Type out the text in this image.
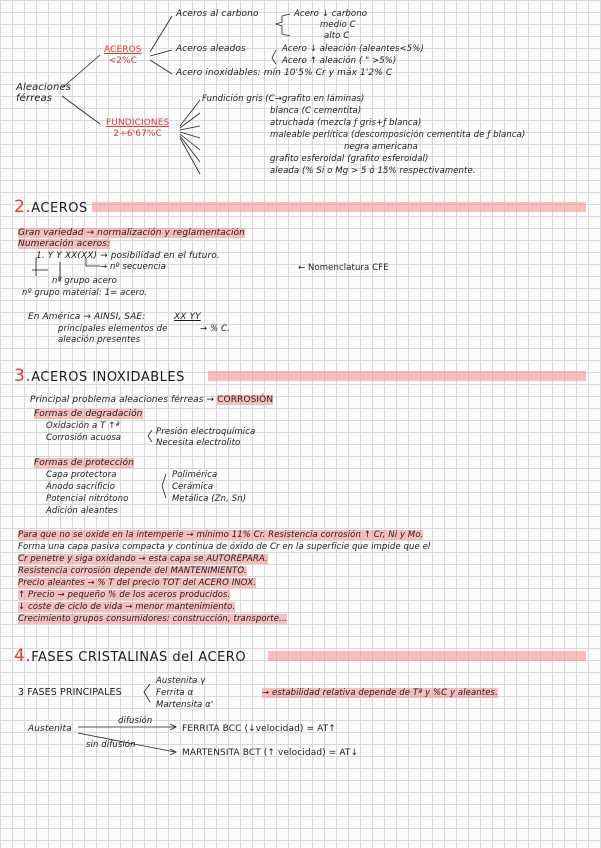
Aleaciones
férreas
ACEROS
<2%C
FUNDICIONES
2÷6'67%C
Aceros al carbono
Aceros aleados
Acero inoxidables: mín 10'5% Cr y máx 1'2% C
Acero ↓ carbono
medio C
alto C
Acero ↓ aleación (aleantes<5%)
Acero ↑ aleación ( " >5%)
Fundición gris (C→grafito en láminas)
blanca (C cementita)
atruchada (mezcla ƒ gris+ƒ blanca)
maleable perlítica (descomposición cementita de ƒ blanca)
negra americana
grafito esferoidal (grafito esferoidal)
aleada (% Si o Mg > 5 ó 15% respectivamente.
2.ACEROS
Gran variedad → normalización y reglamentación
Numeración aceros:
1. Y Y XX(XX) → posibilidad en el futuro.
→ nº secuencia
nº grupo acero
nº grupo material: 1= acero.
← Nomenclatura CFE
En América → AINSI, SAE:	XX YY
principales elementos de
aleación presentes
→ % C.
3.ACEROS INOXIDABLES
Principal problema aleaciones férreas → CORROSIÓN
Formas de degradación
Oxidación a T ↑ª
Corrosión acuosa
Presión electroquímica
Necesita electrolito
Formas de protección
Capa protectora
Ánodo sacrificio
Potencial nitrótono
Adición aleantes
Polimérica
Cerámica
Metálica (Zn, Sn)
Para que no se oxide en la intemperie → mínimo 11% Cr. Resistencia corrosión ↑ Cr, Ni y Mo.
Forma una capa pasiva compacta y continua de óxido de Cr en la superficie que impide que el
Cr penetre y siga oxidando → esta capa se AUTOREPARA.
Resistencia corrosión depende del MANTENIMIENTO.
Precio aleantes → % T del precio TOT del ACERO INOX.
↑ Precio → pequeño % de los aceros producidos.
↓ coste de ciclo de vida → menor mantenimiento.
Crecimiento grupos consumidores: construcción, transporte...
4.FASES CRISTALINAS del ACERO
3 FASES PRINCIPALES
Austenita γ
Ferrita α
Martensita α'
→ estabilidad relativa depende de Tª y %C y aleantes.
Austenita
difusión
sin difusión
FERRITA BCC (↓velocidad) = AT↑
MARTENSITA BCT (↑ velocidad) = AT↓
